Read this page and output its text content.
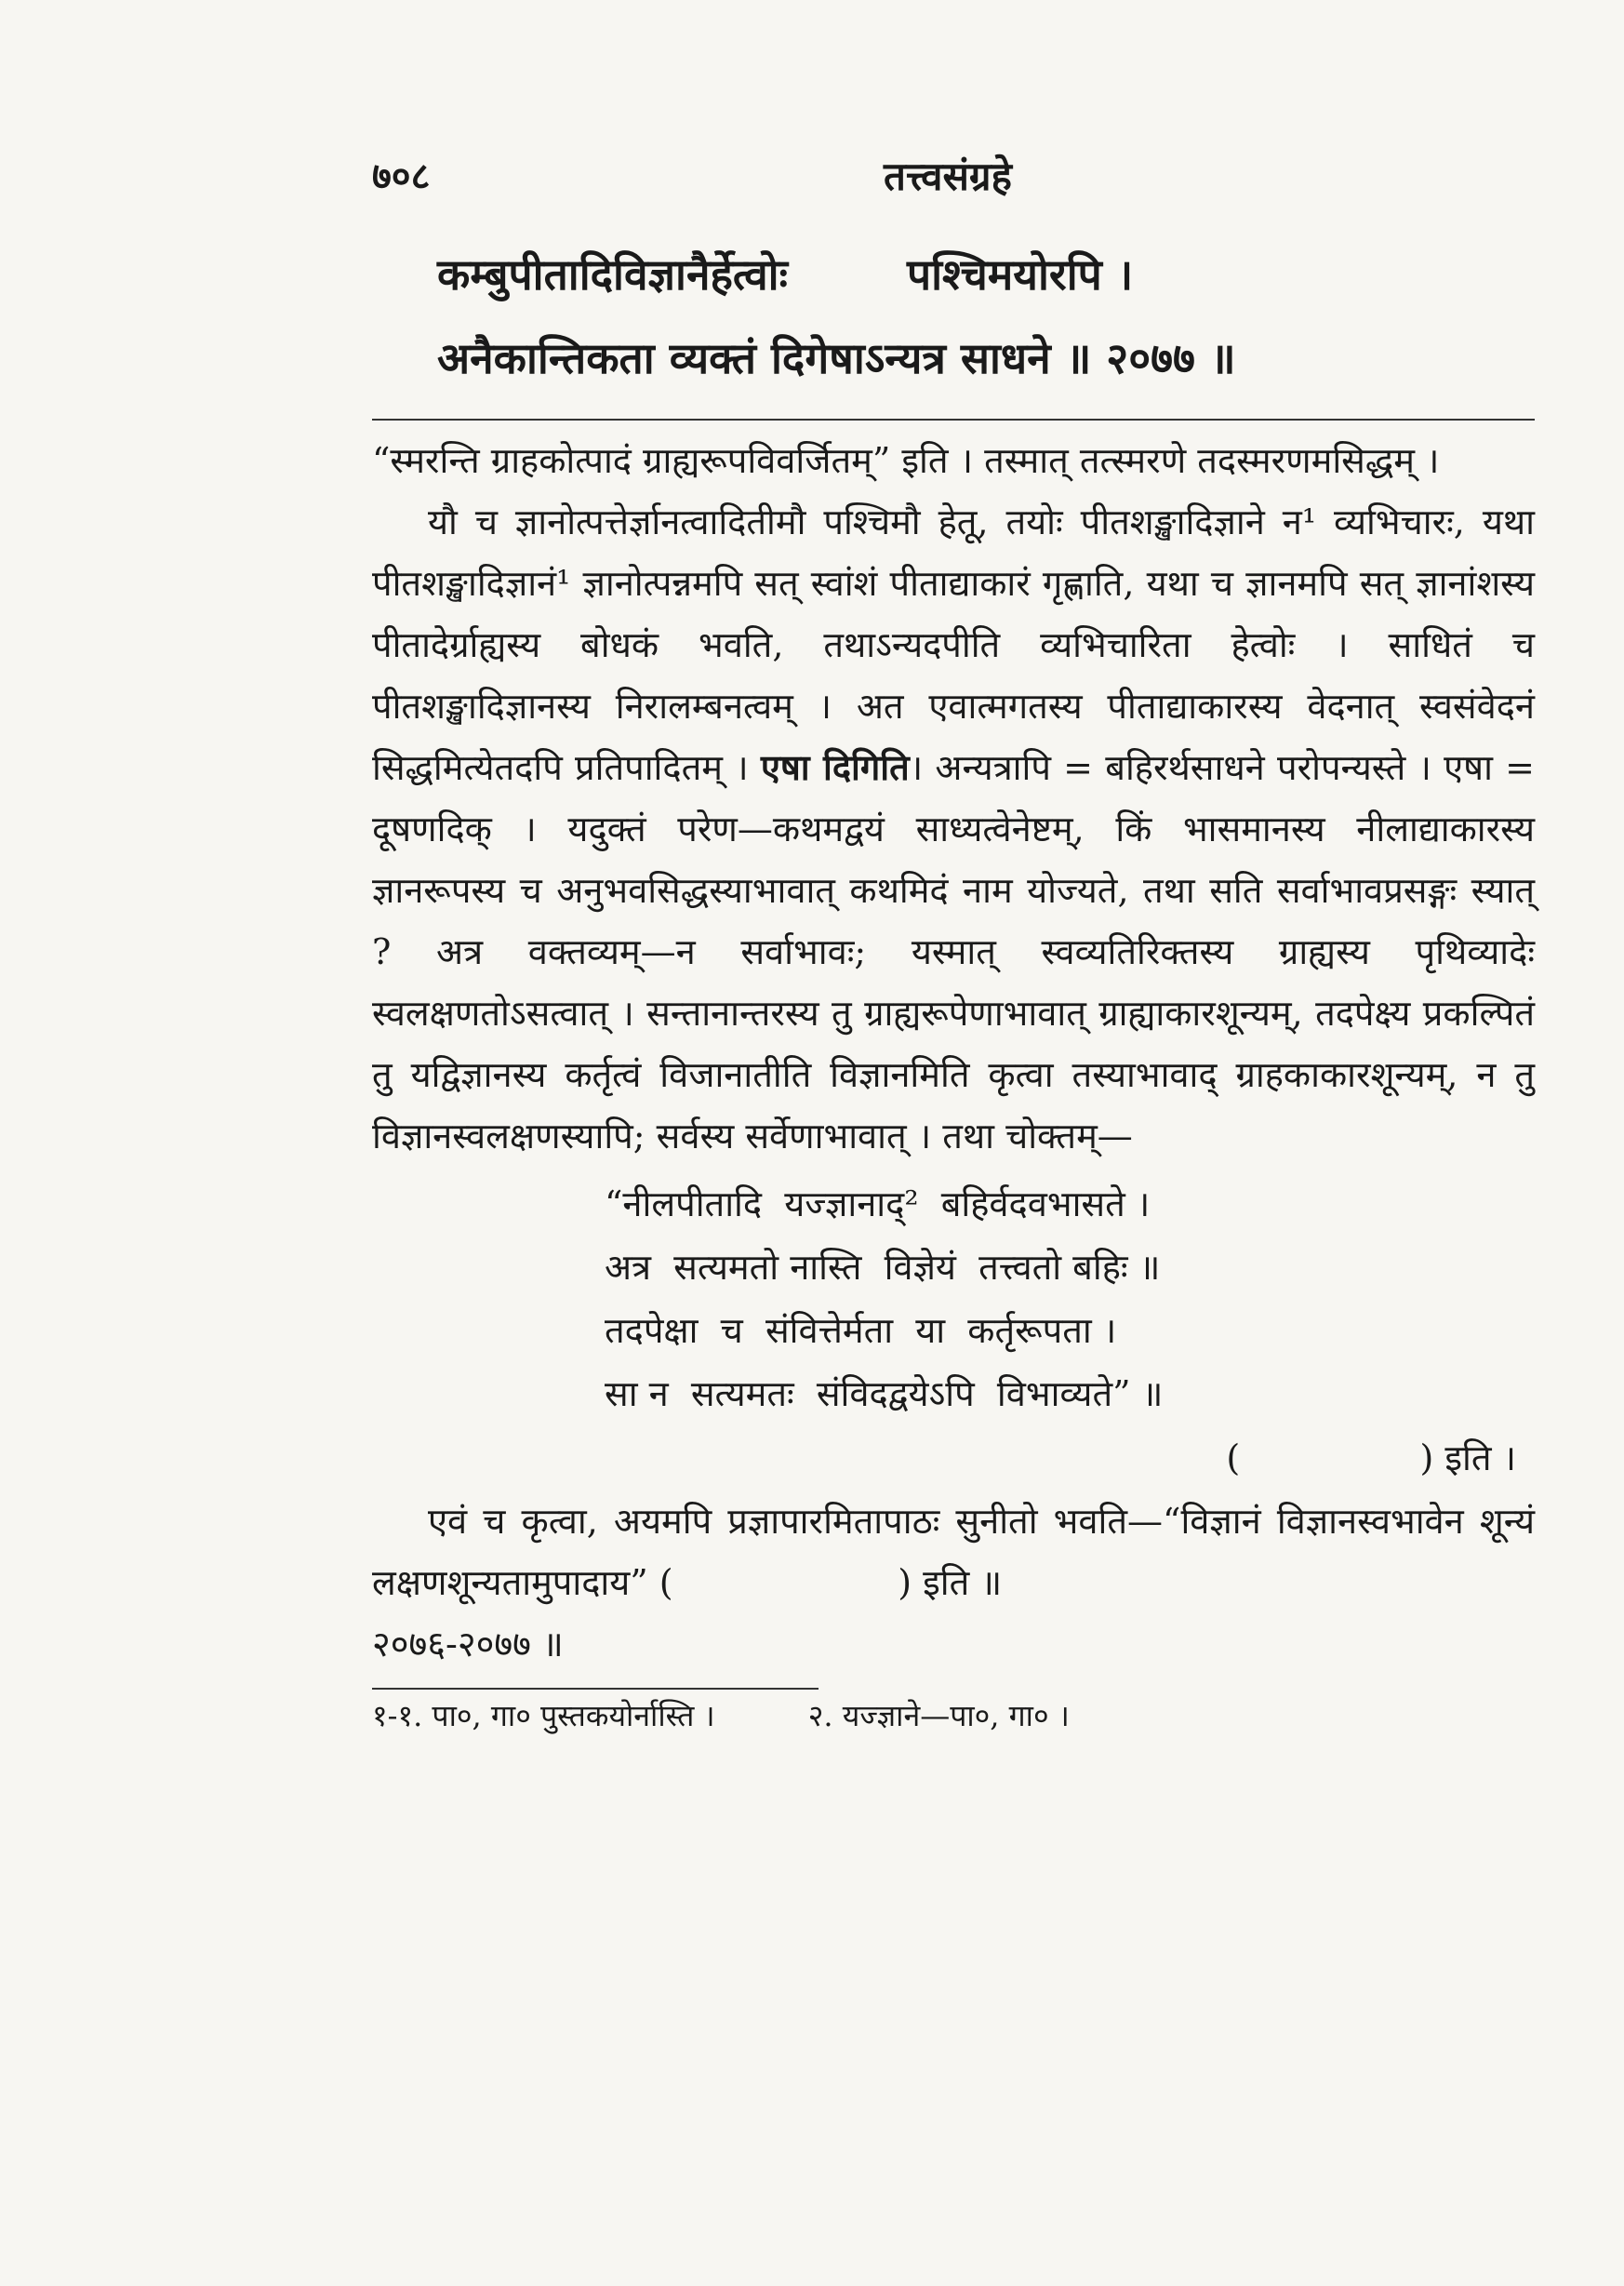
७०८	तत्त्वसंग्रहे
कम्बुपीतादिविज्ञानैर्हेत्वोः        पश्चिमयोरपि ।
अनैकान्तिकता व्यक्तं दिगेषाऽन्यत्र साधने ॥ २०७७ ॥

“स्मरन्ति ग्राहकोत्पादं ग्राह्यरूपविवर्जितम्” इति । तस्मात् तत्स्मरणे तदस्मरणमसिद्धम् ।

यौ च ज्ञानोत्पत्तेर्ज्ञानत्वादितीमौ पश्चिमौ हेतू, तयोः पीतशङ्खादिज्ञाने न¹ व्यभिचारः, यथा पीतशङ्खादिज्ञानं¹ ज्ञानोत्पन्नमपि सत् स्वांशं पीताद्याकारं गृह्णाति, यथा च ज्ञानमपि सत् ज्ञानांशस्य पीतादेर्ग्राह्यस्य बोधकं भवति, तथाऽन्यदपीति व्यभिचारिता हेत्वोः । साधितं च पीतशङ्खादिज्ञानस्य निरालम्बनत्वम् । अत एवात्मगतस्य पीताद्याकारस्य वेदनात् स्वसंवेदनं सिद्धमित्येतदपि प्रतिपादितम् । एषा दिगिति। अन्यत्रापि = बहिरर्थसाधने परोपन्यस्ते । एषा = दूषणदिक् । यदुक्तं परेण—कथमद्वयं साध्यत्वेनेष्टम्, किं भासमानस्य नीलाद्याकारस्य ज्ञानरूपस्य च अनुभवसिद्धस्याभावात् कथमिदं नाम योज्यते, तथा सति सर्वाभावप्रसङ्गः स्यात् ? अत्र वक्तव्यम्—न सर्वाभावः; यस्मात् स्वव्यतिरिक्तस्य ग्राह्यस्य पृथिव्यादेः स्वलक्षणतोऽसत्वात् । सन्तानान्तरस्य तु ग्राह्यरूपेणाभावात् ग्राह्याकारशून्यम्, तदपेक्ष्य प्रकल्पितं तु यद्विज्ञानस्य कर्तृत्वं विजानातीति विज्ञानमिति कृत्वा तस्याभावाद् ग्राहकाकारशून्यम्, न तु विज्ञानस्वलक्षणस्यापि; सर्वस्य सर्वेणाभावात् । तथा चोक्तम्—

“नीलपीतादि  यज्ज्ञानाद्²  बहिर्वदवभासते ।
अत्र  सत्यमतो नास्ति  विज्ञेयं  तत्त्वतो बहिः ॥
तदपेक्षा  च  संवित्तेर्मता  या  कर्तृरूपता ।
सा न  सत्यमतः  संविदद्वयेऽपि  विभाव्यते” ॥
(                ) इति ।

एवं च कृत्वा, अयमपि प्रज्ञापारमितापाठः सुनीतो भवति—“विज्ञानं विज्ञानस्वभावेन शून्यं लक्षणशून्यतामुपादाय” (                    ) इति ॥

२०७६-२०७७ ॥

१-१. पा०, गा० पुस्तकयोर्नास्ति ।	२. यज्ज्ञाने—पा०, गा० ।
